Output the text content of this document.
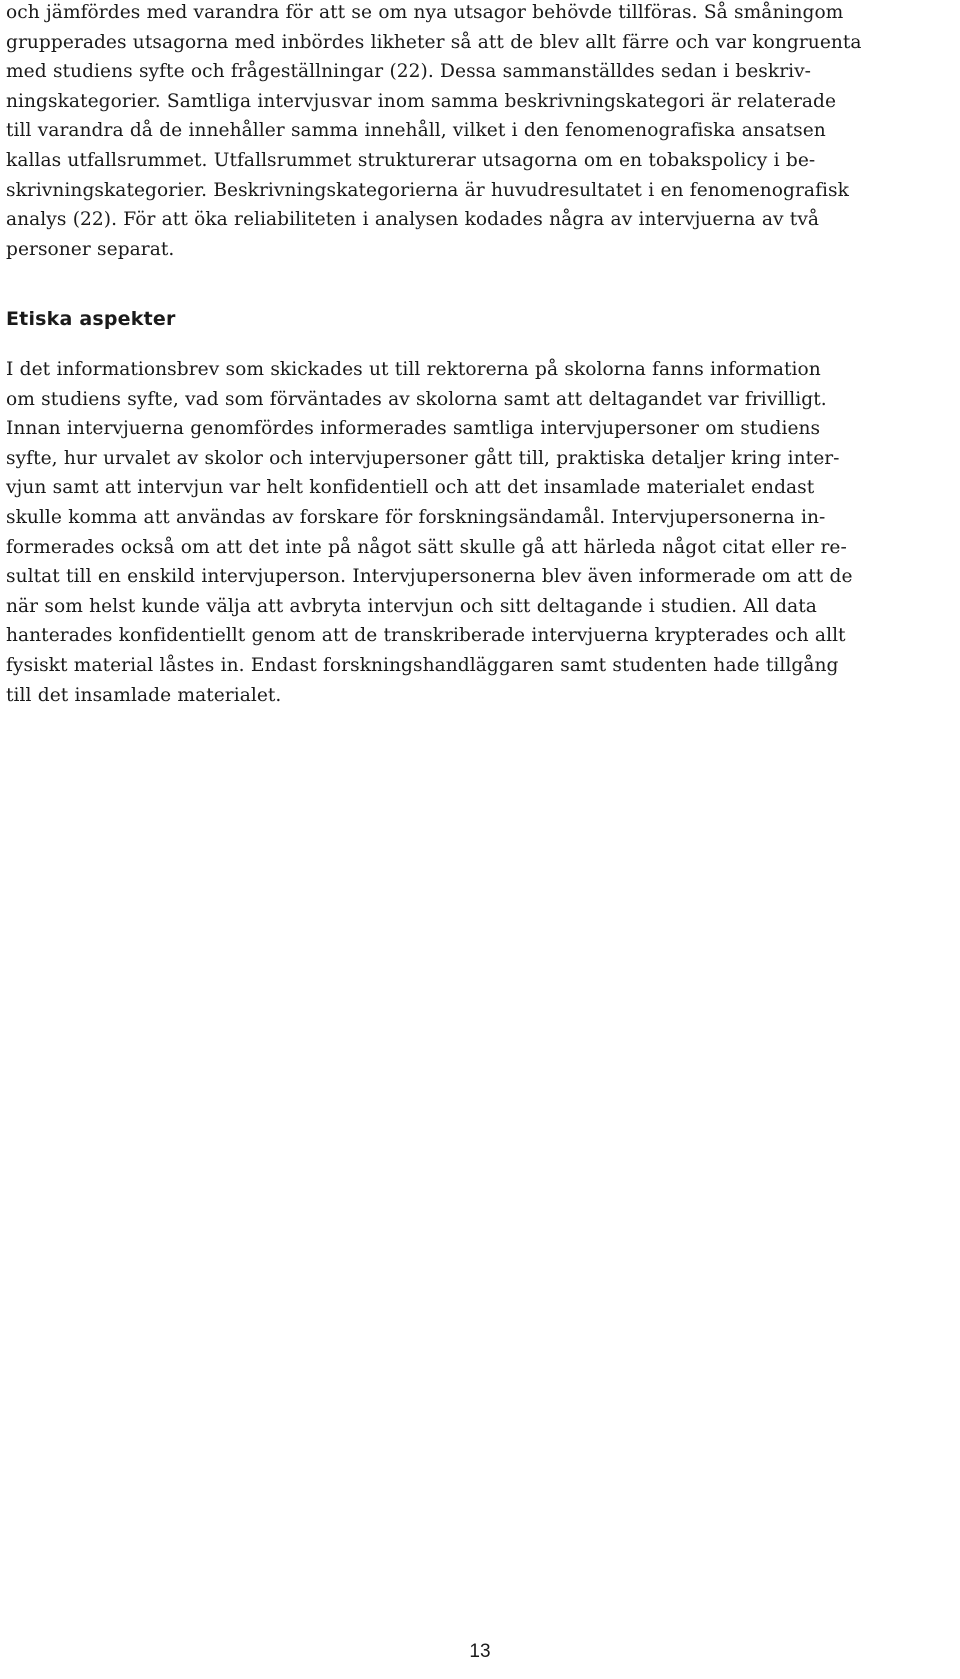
och jämfördes med varandra för att se om nya utsagor behövde tillföras. Så småningom
grupperades utsagorna med inbördes likheter så att de blev allt färre och var kongruenta
med studiens syfte och frågeställningar (22). Dessa sammanställdes sedan i beskriv-
ningskategorier. Samtliga intervjusvar inom samma beskrivningskategori är relaterade
till varandra då de innehåller samma innehåll, vilket i den fenomenografiska ansatsen
kallas utfallsrummet. Utfallsrummet strukturerar utsagorna om en tobakspolicy i be-
skrivningskategorier. Beskrivningskategorierna är huvudresultatet i en fenomenografisk
analys (22). För att öka reliabiliteten i analysen kodades några av intervjuerna av två
personer separat.

Etiska aspekter

I det informationsbrev som skickades ut till rektorerna på skolorna fanns information
om studiens syfte, vad som förväntades av skolorna samt att deltagandet var frivilligt.
Innan intervjuerna genomfördes informerades samtliga intervjupersoner om studiens
syfte, hur urvalet av skolor och intervjupersoner gått till, praktiska detaljer kring inter-
vjun samt att intervjun var helt konfidentiell och att det insamlade materialet endast
skulle komma att användas av forskare för forskningsändamål. Intervjupersonerna in-
formerades också om att det inte på något sätt skulle gå att härleda något citat eller re-
sultat till en enskild intervjuperson. Intervjupersonerna blev även informerade om att de
när som helst kunde välja att avbryta intervjun och sitt deltagande i studien. All data
hanterades konfidentiellt genom att de transkriberade intervjuerna krypterades och allt
fysiskt material låstes in. Endast forskningshandläggaren samt studenten hade tillgång
till det insamlade materialet.

13
